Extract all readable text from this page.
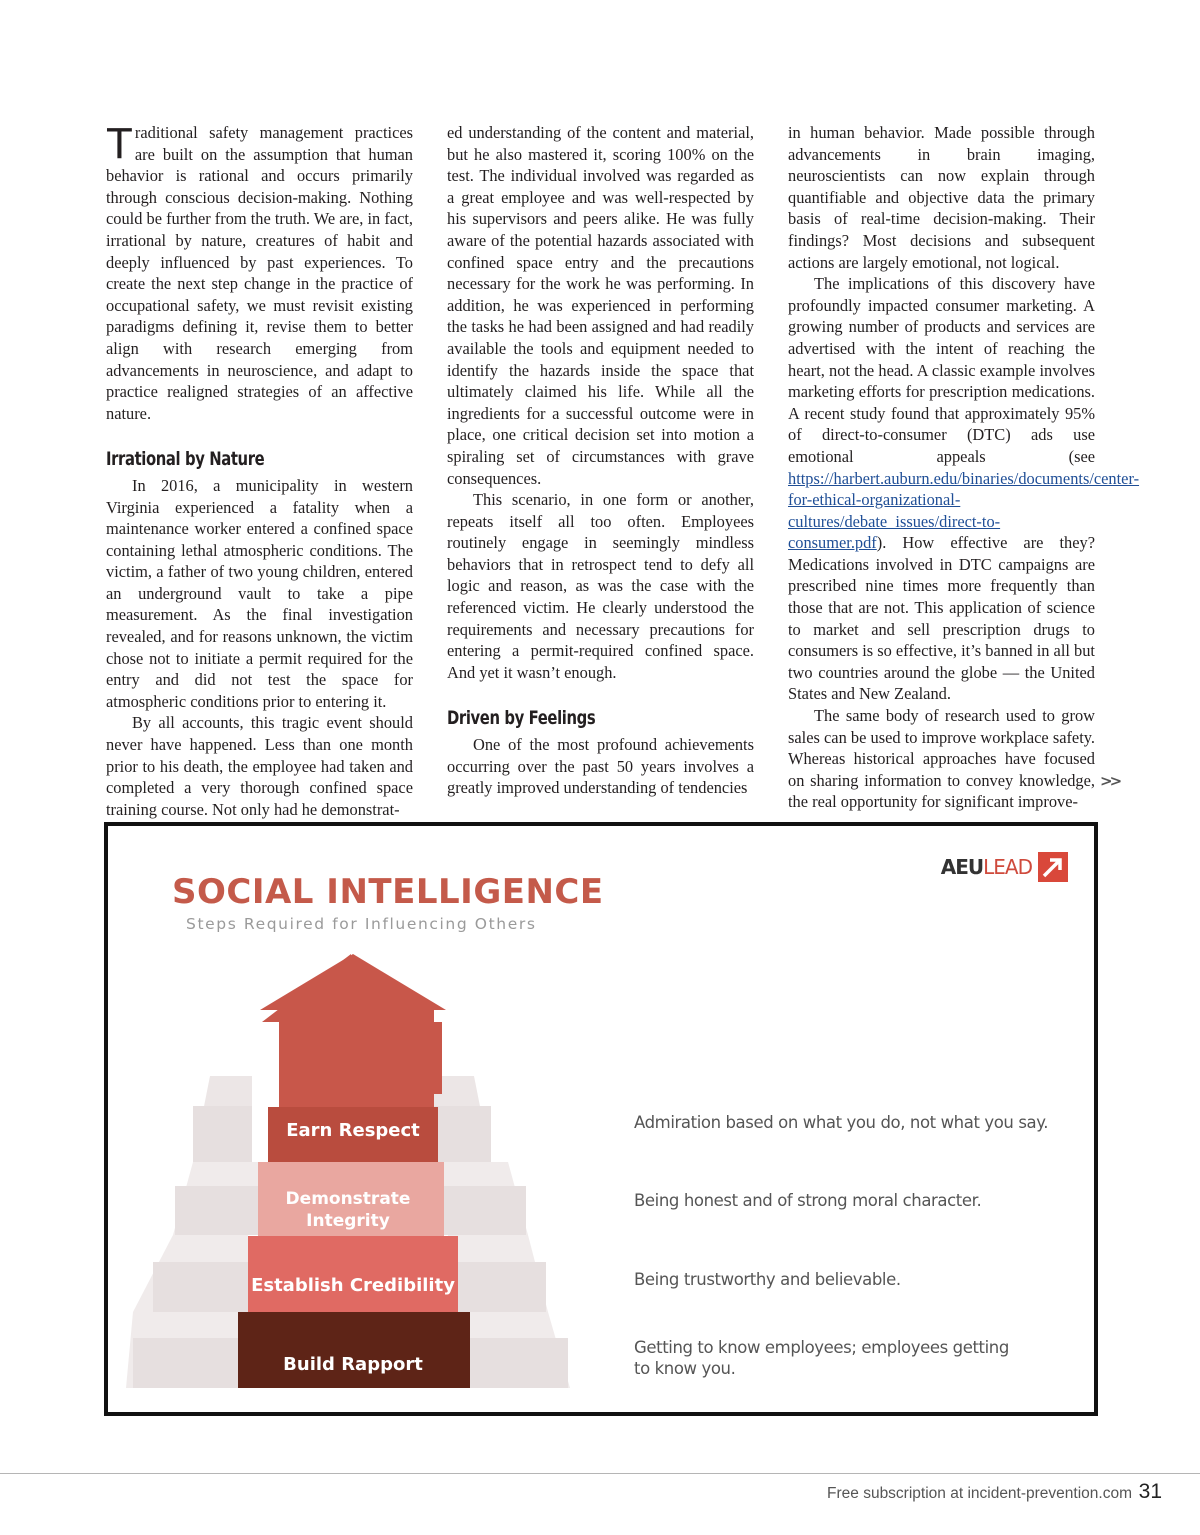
Traditional safety management practices are built on the assumption that human behavior is rational and occurs primarily through conscious decision-making. Nothing could be further from the truth. We are, in fact, irrational by nature, creatures of habit and deeply influenced by past experiences. To create the next step change in the practice of occupational safety, we must revisit existing paradigms defining it, revise them to better align with research emerging from advancements in neuroscience, and adapt to practice realigned strategies of an affective nature.

Irrational by Nature

In 2016, a municipality in western Virginia experienced a fatality when a maintenance worker entered a confined space containing lethal atmospheric conditions. The victim, a father of two young children, entered an underground vault to take a pipe measurement. As the final investigation revealed, and for reasons unknown, the victim chose not to initiate a permit required for the entry and did not test the space for atmospheric conditions prior to entering it.

By all accounts, this tragic event should never have happened. Less than one month prior to his death, the employee had taken and completed a very thorough confined space training course. Not only had he demonstrat-

ed understanding of the content and material, but he also mastered it, scoring 100% on the test. The individual involved was regarded as a great employee and was well-respected by his supervisors and peers alike. He was fully aware of the potential hazards associated with confined space entry and the precautions necessary for the work he was performing. In addition, he was experienced in performing the tasks he had been assigned and had readily available the tools and equipment needed to identify the hazards inside the space that ultimately claimed his life. While all the ingredients for a successful outcome were in place, one critical decision set into motion a spiraling set of circumstances with grave consequences.

This scenario, in one form or another, repeats itself all too often. Employees routinely engage in seemingly mindless behaviors that in retrospect tend to defy all logic and reason, as was the case with the referenced victim. He clearly understood the requirements and necessary precautions for entering a permit-required confined space. And yet it wasn’t enough.

Driven by Feelings

One of the most profound achievements occurring over the past 50 years involves a greatly improved understanding of tendencies

in human behavior. Made possible through advancements in brain imaging, neuroscientists can now explain through quantifiable and objective data the primary basis of real-time decision-making. Their findings? Most decisions and subsequent actions are largely emotional, not logical.

The implications of this discovery have profoundly impacted consumer marketing. A growing number of products and services are advertised with the intent of reaching the heart, not the head. A classic example involves marketing efforts for prescription medications. A recent study found that approximately 95% of direct-to-consumer (DTC) ads use emotional appeals (see https://harbert.auburn.edu/binaries/documents/center-for-ethical-organizational-cultures/debate_issues/direct-to-consumer.pdf). How effective are they? Medications involved in DTC campaigns are prescribed nine times more frequently than those that are not. This application of science to market and sell prescription drugs to consumers is so effective, it’s banned in all but two countries around the globe — the United States and New Zealand.

The same body of research used to grow sales can be used to improve workplace safety. Whereas historical approaches have focused on sharing information to convey knowledge, the real opportunity for significant improve-

>>
SOCIAL INTELLIGENCE
Steps Required for Influencing Others
AEU LEAD
Earn Respect
Demonstrate
Integrity
Establish Credibility
Build Rapport
Admiration based on what you do, not what you say.
Being honest and of strong moral character.
Being trustworthy and believable.
Getting to know employees; employees getting to know you.
Free subscription at incident-prevention.com 31
